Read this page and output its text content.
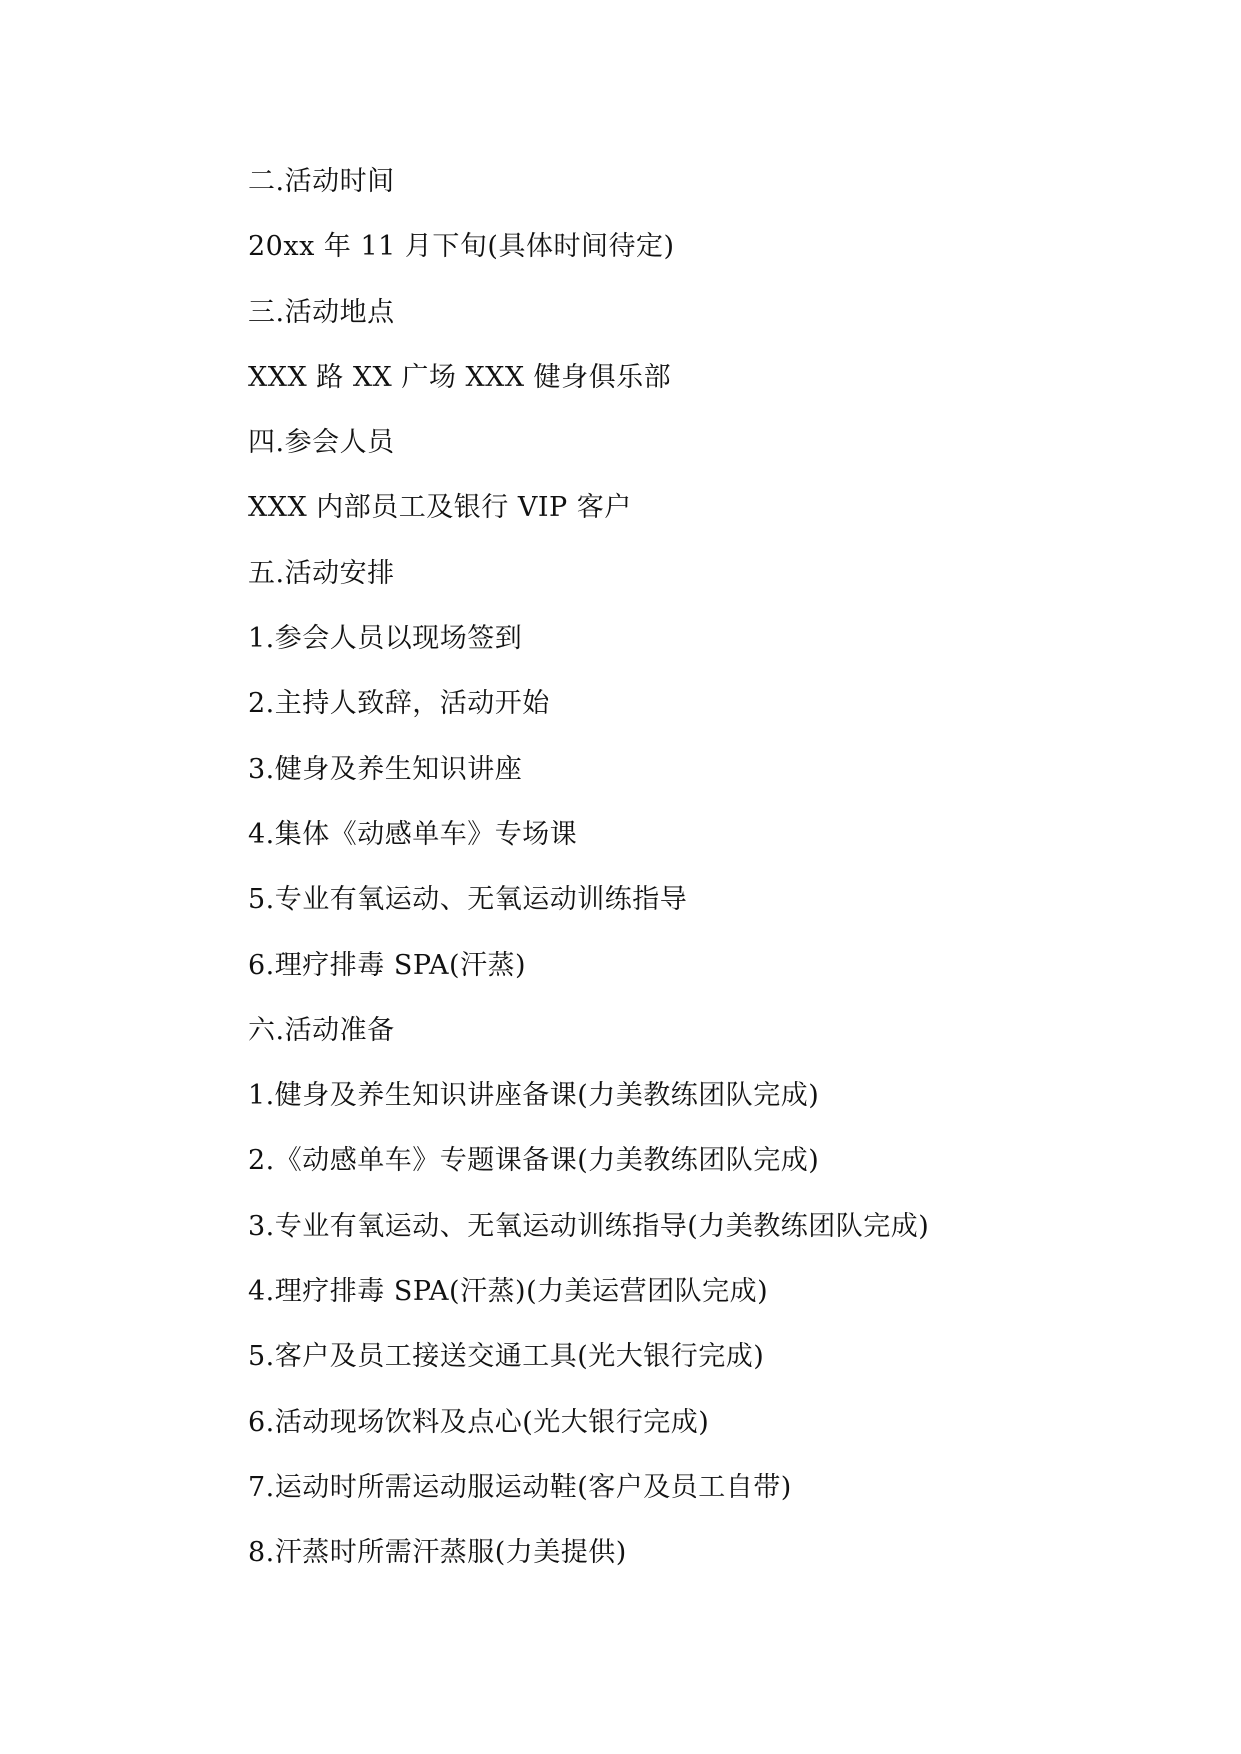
二.活动时间
20xx 年 11 月下旬(具体时间待定)
三.活动地点
XXX 路 XX 广场 XXX 健身俱乐部
四.参会人员
XXX 内部员工及银行 VIP 客户
五.活动安排
1.参会人员以现场签到
2.主持人致辞，活动开始
3.健身及养生知识讲座
4.集体《动感单车》专场课
5.专业有氧运动、无氧运动训练指导
6.理疗排毒 SPA(汗蒸)
六.活动准备
1.健身及养生知识讲座备课(力美教练团队完成)
2.《动感单车》专题课备课(力美教练团队完成)
3.专业有氧运动、无氧运动训练指导(力美教练团队完成)
4.理疗排毒 SPA(汗蒸)(力美运营团队完成)
5.客户及员工接送交通工具(光大银行完成)
6.活动现场饮料及点心(光大银行完成)
7.运动时所需运动服运动鞋(客户及员工自带)
8.汗蒸时所需汗蒸服(力美提供)
